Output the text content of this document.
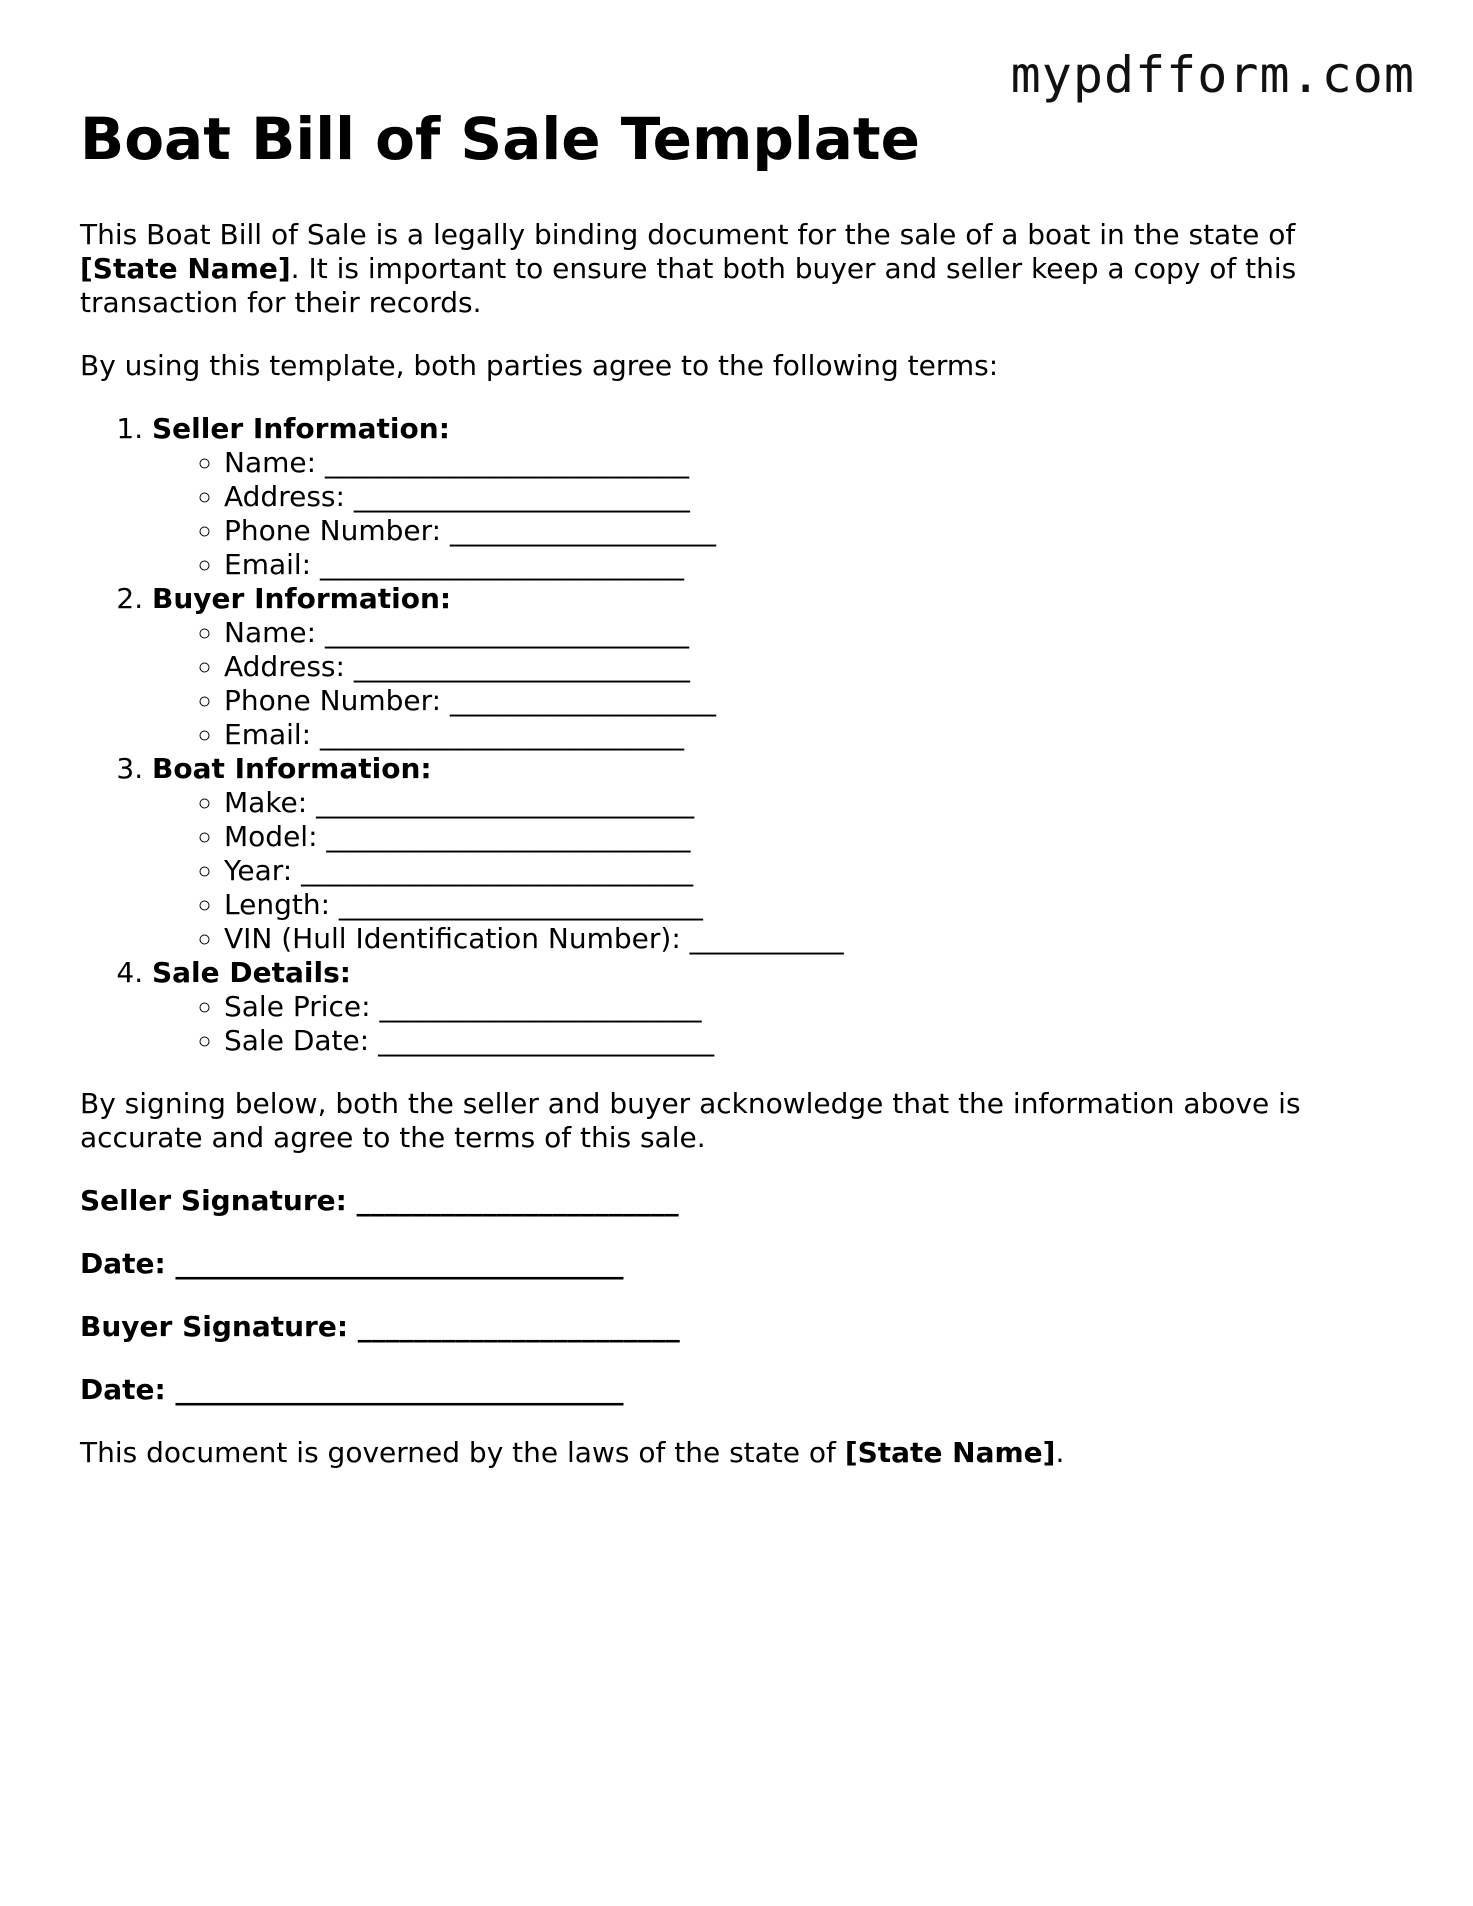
mypdfform.com
Boat Bill of Sale Template

This Boat Bill of Sale is a legally binding document for the sale of a boat in the state of [State Name]. It is important to ensure that both buyer and seller keep a copy of this transaction for their records.

By using this template, both parties agree to the following terms:

1. Seller Information:
◦ Name: __________________________
◦ Address: ________________________
◦ Phone Number: ___________________
◦ Email: __________________________
2. Buyer Information:
◦ Name: __________________________
◦ Address: ________________________
◦ Phone Number: ___________________
◦ Email: __________________________
3. Boat Information:
◦ Make: ___________________________
◦ Model: __________________________
◦ Year: ____________________________
◦ Length: __________________________
◦ VIN (Hull Identification Number): ___________
4. Sale Details:
◦ Sale Price: _______________________
◦ Sale Date: ________________________

By signing below, both the seller and buyer acknowledge that the information above is accurate and agree to the terms of this sale.

Seller Signature: _______________________

Date: ________________________________

Buyer Signature: _______________________

Date: ________________________________

This document is governed by the laws of the state of [State Name].
